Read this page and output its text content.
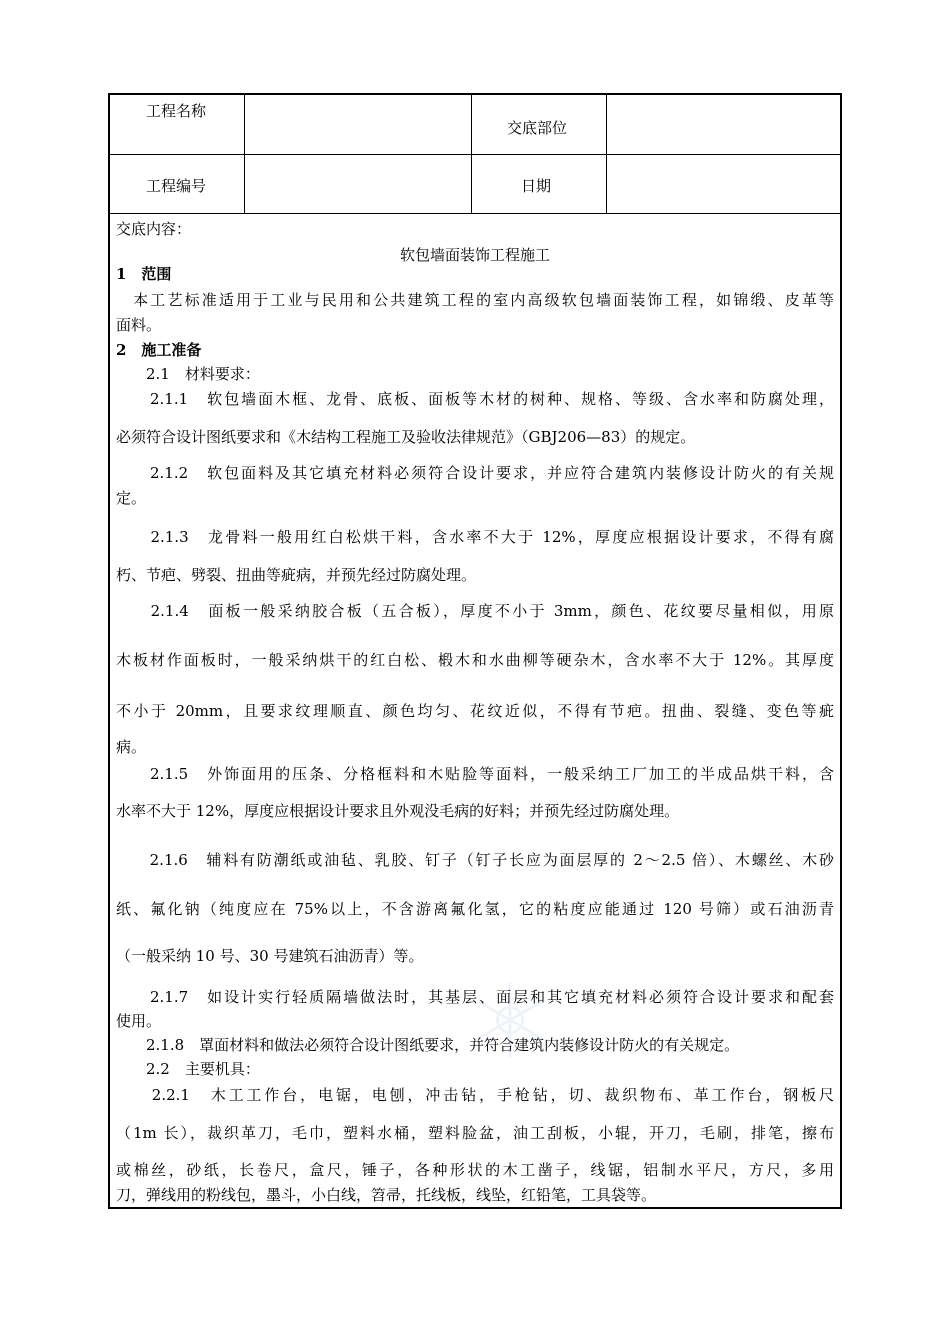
工程名称
交底部位
工程编号	日期
交底内容：
软包墙面装饰工程施工
1　范围
　本工艺标准适用于工业与民用和公共建筑工程的室内高级软包墙面装饰工程，如锦缎、皮革等
面料。
2　施工准备
　　2.1　材料要求：
　　2.1.1　软包墙面木框、龙骨、底板、面板等木材的树种、规格、等级、含水率和防腐处理，
必须符合设计图纸要求和《木结构工程施工及验收法律规范》（GBJ206—83）的规定。
　　2.1.2　软包面料及其它填充材料必须符合设计要求，并应符合建筑内装修设计防火的有关规
定。
　　2.1.3　龙骨料一般用红白松烘干料，含水率不大于 12%，厚度应根据设计要求，不得有腐
朽、节疤、劈裂、扭曲等疵病，并预先经过防腐处理。
　　2.1.4　面板一般采纳胶合板（五合板），厚度不小于 3mm，颜色、花纹要尽量相似，用原
木板材作面板时，一般采纳烘干的红白松、椴木和水曲柳等硬杂木，含水率不大于 12%。其厚度
不小于 20mm，且要求纹理顺直、颜色均匀、花纹近似，不得有节疤。扭曲、裂缝、变色等疵
病。
　　2.1.5　外饰面用的压条、分格框料和木贴脸等面料，一般采纳工厂加工的半成品烘干料，含
水率不大于 12%，厚度应根据设计要求且外观没毛病的好料；并预先经过防腐处理。
　　2.1.6　辅料有防潮纸或油毡、乳胶、钉子（钉子长应为面层厚的 2～2.5 倍）、木螺丝、木砂
纸、氟化钠（纯度应在 75%以上，不含游离氟化氢，它的粘度应能通过 120 号筛）或石油沥青
（一般采纳 10 号、30 号建筑石油沥青）等。
　　2.1.7　如设计实行轻质隔墙做法时，其基层、面层和其它填充材料必须符合设计要求和配套
使用。
　　2.1.8　罩面材料和做法必须符合设计图纸要求，并符合建筑内装修设计防火的有关规定。
　　2.2　主要机具：
　　2.2.1　木工工作台，电锯，电刨，冲击钻，手枪钻，切、裁织物布、革工作台，钢板尺
（1m 长），裁织革刀，毛巾，塑料水桶，塑料脸盆，油工刮板，小辊，开刀，毛刷，排笔，擦布
或棉丝，砂纸，长卷尺，盒尺，锤子，各种形状的木工凿子，线锯，铝制水平尺，方尺，多用
刀，弹线用的粉线包，墨斗，小白线，笤帚，托线板，线坠，红铅笔，工具袋等。
